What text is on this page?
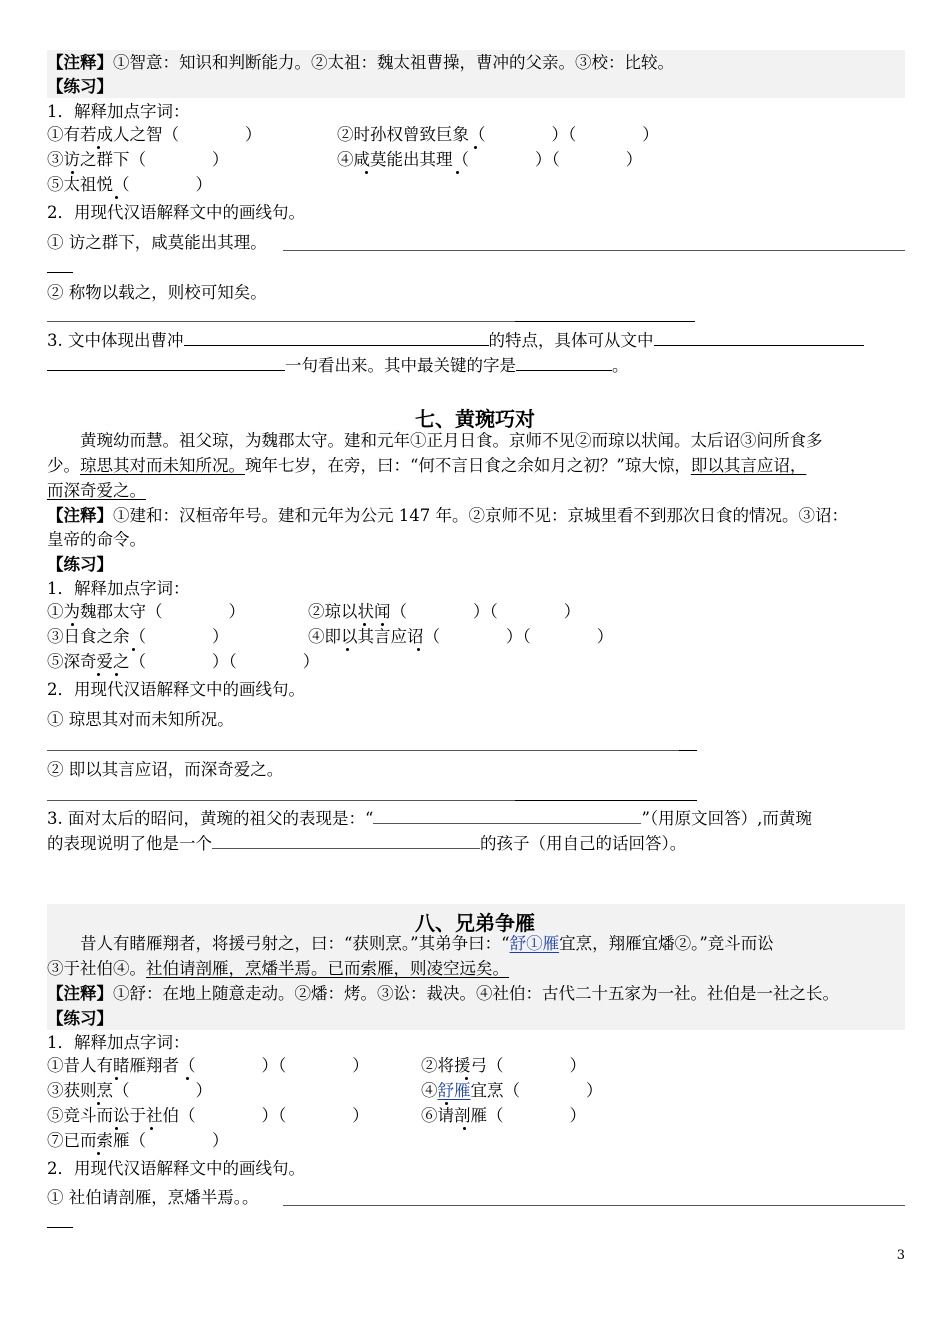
【注释】①智意：知识和判断能力。②太祖：魏太祖曹操，曹冲的父亲。③校：比较。
【练习】
1．解释加点字词：
①有若成人之智（　　　　）	②时孙权曾致巨象（　　　　）（　　　　）
③访之群下（　　　　）	④咸莫能出其理（　　　　）（　　　　）
⑤太祖悦（　　　　）
2．用现代汉语解释文中的画线句。
① 访之群下，咸莫能出其理。
② 称物以载之，则校可知矣。
3. 文中体现出曹冲	的特点，具体可从文中
一句看出来。其中最关键的字是	。
七、黄琬巧对
黄琬幼而慧。祖父琼，为魏郡太守。建和元年①正月日食。京师不见②而琼以状闻。太后诏③问所食多
少。琼思其对而未知所况。琬年七岁，在旁，曰：“何不言日食之余如月之初？”琼大惊，即以其言应诏，
而深奇爱之。
【注释】①建和：汉桓帝年号。建和元年为公元 147 年。②京师不见：京城里看不到那次日食的情况。③诏：
皇帝的命令。
【练习】
1．解释加点字词：
①为魏郡太守（　　　　）	②琼以状闻（　　　　）（　　　　）
③日食之余（　　　　）	④即以其言应诏（　　　　）（　　　　）
⑤深奇爱之（　　　　）（　　　　）
2．用现代汉语解释文中的画线句。
① 琼思其对而未知所况。
② 即以其言应诏，而深奇爱之。
3. 面对太后的昭问，黄琬的祖父的表现是：“	”（用原文回答）,而黄琬
的表现说明了他是一个	的孩子（用自己的话回答）。
八、兄弟争雁
昔人有睹雁翔者，将援弓射之，曰：“获则烹。”其弟争曰：“舒①雁宜烹，翔雁宜燔②。”竞斗而讼
③于社伯④。社伯请剖雁，烹燔半焉。已而索雁，则凌空远矣。
【注释】①舒：在地上随意走动。②燔：烤。③讼：裁决。④社伯：古代二十五家为一社。社伯是一社之长。
【练习】
1．解释加点字词：
①昔人有睹雁翔者（　　　　）（　　　　）	②将援弓（　　　　）
③获则烹（　　　　）	④舒雁宜烹（　　　　）
⑤竞斗而讼于社伯（　　　　）（　　　　）	⑥请剖雁（　　　　）
⑦已而索雁（　　　　）
2．用现代汉语解释文中的画线句。
① 社伯请剖雁，烹燔半焉。。
3
